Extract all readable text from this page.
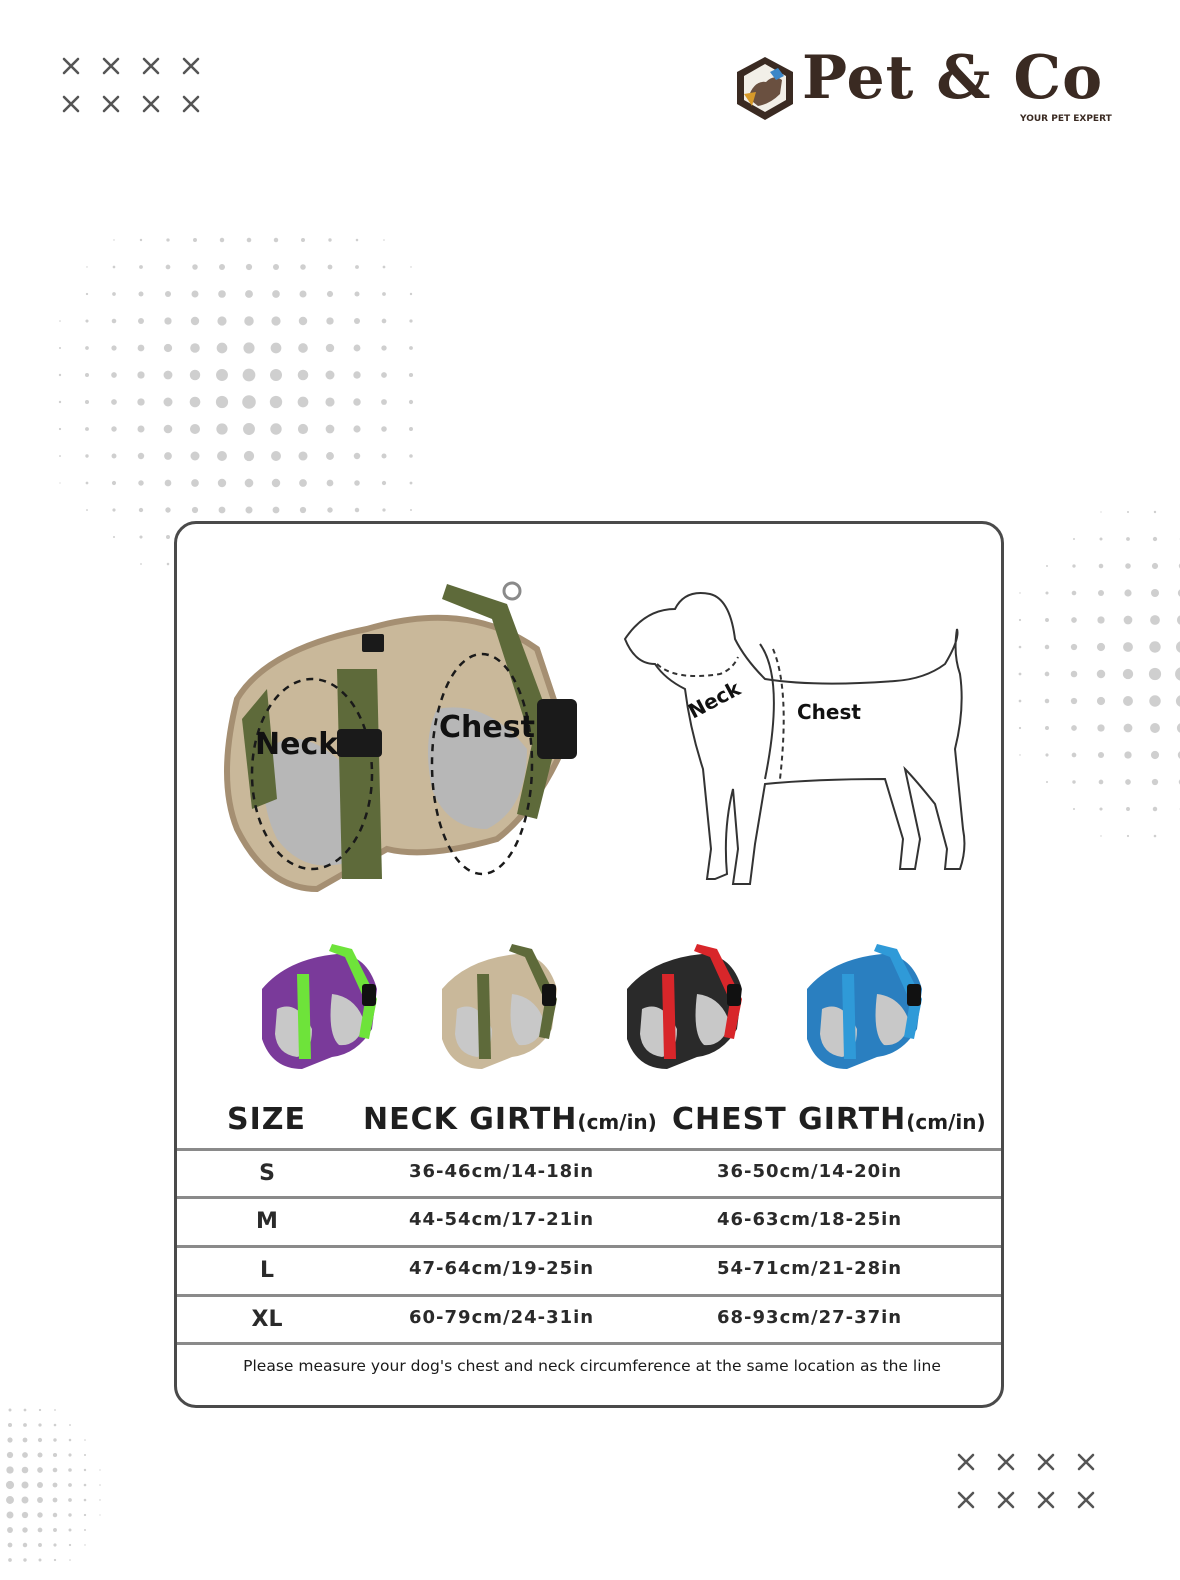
Pet & Co
YOUR PET EXPERT
Neck	Chest
Neck	Chest
SIZE NECK GIRTH(cm/in) CHEST GIRTH(cm/in)
S	36-46cm/14-18in	36-50cm/14-20in
M	44-54cm/17-21in	46-63cm/18-25in
L	47-64cm/19-25in	54-71cm/21-28in
XL	60-79cm/24-31in	68-93cm/27-37in
Please measure your dog's chest and neck circumference at the same location as the line
